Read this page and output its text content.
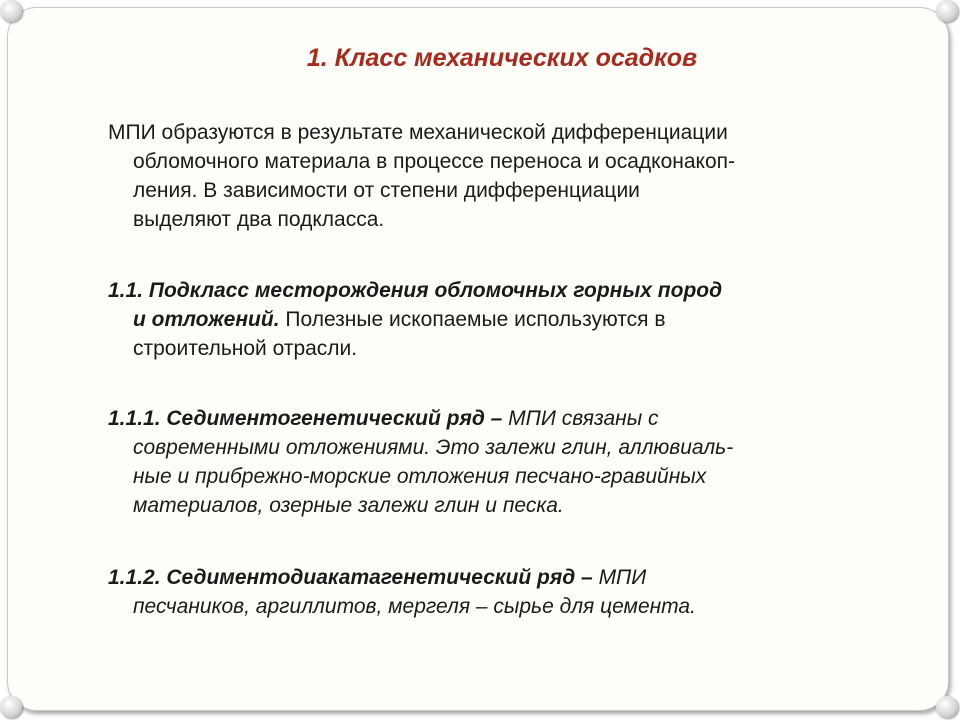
1. Класс механических осадков
МПИ образуются в результате механической дифференциации
обломочного материала в процессе переноса и осадконакоп-
ления. В зависимости от степени дифференциации
выделяют два подкласса.
1.1. Подкласс месторождения обломочных горных пород
и отложений. Полезные ископаемые используются в
строительной отрасли.
1.1.1. Седиментогенетический ряд – МПИ связаны с
современными отложениями. Это залежи глин, аллювиаль-
ные и прибрежно-морские отложения песчано-гравийных
материалов, озерные залежи глин и песка.
1.1.2. Седиментодиакатагенетический ряд – МПИ
песчаников, аргиллитов, мергеля – сырье для цемента.
